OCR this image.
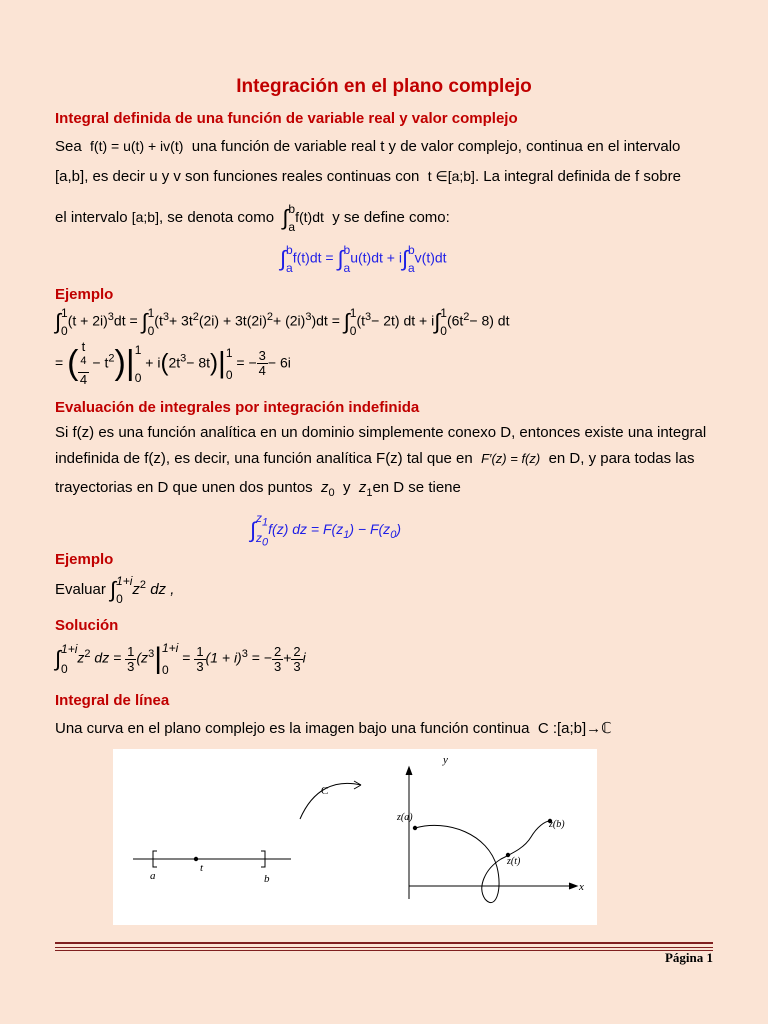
Integración en el plano complejo
Integral definida de una función de variable real y valor complejo
Sea f(t) = u(t) + iv(t) una función de variable real t y de valor complejo, continua en el intervalo
[a,b], es decir u y v son funciones reales continuas con t ∈[a;b]. La integral definida de f sobre
el intervalo [a;b], se denota como ∫ b
a
f(t)dt y se define como:
∫ b
a
f(t)dt = ∫ b
a
u(t)dt + i∫ b
a
v(t)dt
Ejemplo
∫ 1
0
$(t + 2i)^3dt$ = ∫ 1
0
$(t^3+ 3t^2(2i) + 3t(2i)^2+ (2i)^3)dt$ = ∫ 1
0
$(t^3- 2t)$ dt + i∫ 1
0
$(6t^2- 8)$ dt
= ( t
$^4$
$4 - t^2)|$ 1
0
+ $i(2t^3- 8t)|$ 1
0
= − $\frac{3}{4} - 6i$
Evaluación de integrales por integración indefinida
Si f(z) es una función analítica en un dominio simplemente conexo D, entonces existe una integral
indefinida de f(z), es decir, una función analítica F(z) tal que en F′(z) = f(z) en D, y para todas las
trayectorias en D que unen dos puntos $z_0$ y $z_1en$ D se tiene
∫ $z_1$
$z_0$
f(z) dz = $F(z_1) - F(z_0)$
Ejemplo
Evaluar ∫ 1+i
0
$z^2$ dz ,
Solución
∫ 1+i
0
$z^2$ dz = $\frac{1}{3} (z^3|$ 1+i
0
= $\frac{1}{3} (1 + i)^3$ = − $\frac{2}{3} + \frac{2}{3}$ i
Integral de línea
Una curva en el plano complejo es la imagen bajo una función continua C :[a;b]→ℂ
a
t
b
C
y
x
z(a)
z(b)
z(t)
Página 1
